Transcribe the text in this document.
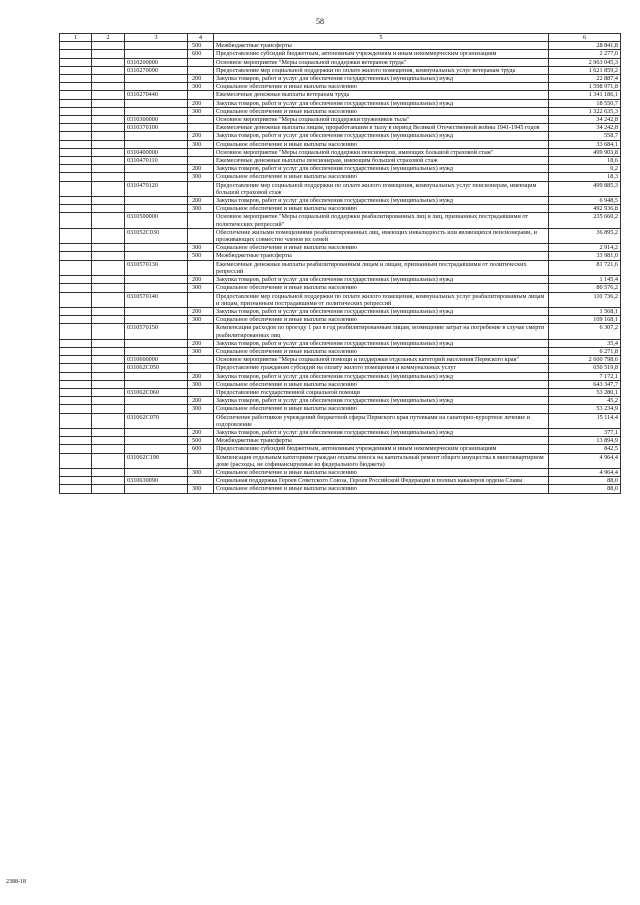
58
1	2	3	4	5	6
			500	Межбюджетные трансферты	28 841,8
			600	Предоставление субсидий бюджетным, автономным учреждениям и иным некоммерческим организациям	2 277,0
		0310200000		Основное мероприятие "Меры социальной поддержки ветеранов труда"	2 963 045,3
		0310270090		Предоставление мер социальной поддержки по оплате жилого помещения, коммунальных услуг ветеранам труда	1 621 859,2
			200	Закупка товаров, работ и услуг для обеспечения государственных (муниципальных) нужд	22 887,4
			300	Социальное обеспечение и иные выплаты населению	1 598 971,8
		0310270440		Ежемесячные денежные выплаты ветеранам труда	1 341 186,1
			200	Закупка товаров, работ и услуг для обеспечения государственных (муниципальных) нужд	18 550,7
			300	Социальное обеспечение и иные выплаты населению	1 322 635,3
		0310300000		Основное мероприятие "Меры социальной поддержки тружеников тыла"	34 242,8
		0310370100		Ежемесячные денежные выплаты лицам, проработавшим в тылу в период Великой Отечественной войны 1941-1945 годов	34 242,8
			200	Закупка товаров, работ и услуг для обеспечения государственных (муниципальных) нужд	558,7
			300	Социальное обеспечение и иные выплаты населению	33 684,1
		0310400000		Основное мероприятие "Меры социальной поддержки пенсионеров, имеющих большой страховой стаж"	499 903,8
		0310470110		Ежемесячные денежные выплаты пенсионерам, имеющим большой страховой стаж	18,6
			200	Закупка товаров, работ и услуг для обеспечения государственных (муниципальных) нужд	0,2
			300	Социальное обеспечение и иные выплаты населению	18,3
		0310470120		Предоставление мер социальной поддержки по оплате жилого помещения, коммунальных услуг пенсионерам, имеющим большой страховой стаж	499 885,3
			200	Закупка товаров, работ и услуг для обеспечения государственных (муниципальных) нужд	6 948,5
			300	Социальное обеспечение и иные выплаты населению	492 936,8
		0310500000		Основное мероприятие "Меры социальной поддержки реабилитированных лиц и лиц, признанных пострадавшими от политических репрессий"	235 660,2
		031052С030		Обеспечение жилыми помещениями реабилитированных лиц, имеющих инвалидность или являющихся пенсионерами, и проживающих совместно членов их семей	36 895,2
			300	Социальное обеспечение и иные выплаты населению	2 914,2
			500	Межбюджетные трансферты	33 981,0
		0310570130		Ежемесячные денежные выплаты реабилитированным лицам и лицам, признанным пострадавшими от политических репрессий	81 721,6
			200	Закупка товаров, работ и услуг для обеспечения государственных (муниципальных) нужд	1 145,4
			300	Социальное обеспечение и иные выплаты населению	80 576,2
		0310570140		Предоставление мер социальной поддержки по оплате жилого помещения, коммунальных услуг реабилитированным лицам и лицам, признанным пострадавшими от политических репрессий	110 736,2
			200	Закупка товаров, работ и услуг для обеспечения государственных (муниципальных) нужд	1 568,1
			300	Социальное обеспечение и иные выплаты населению	109 168,1
		0310570150		Компенсация расходов по проезду 1 раз в год реабилитированным лицам, возмещение затрат на погребение в случае смерти реабилитированных лиц	6 307,2
			200	Закупка товаров, работ и услуг для обеспечения государственных (муниципальных) нужд	35,4
			300	Социальное обеспечение и иные выплаты населению	6 271,8
		0310600000		Основное мероприятие "Меры социальной помощи и поддержки отдельных категорий населения Пермского края"	2 600 798,6
		031062С050		Предоставление гражданам субсидий на оплату жилого помещения и коммунальных услуг	650 519,8
			200	Закупка товаров, работ и услуг для обеспечения государственных (муниципальных) нужд	7 172,1
			300	Социальное обеспечение и иные выплаты населению	643 347,7
		031062С060		Предоставление государственной социальной помощи	53 280,1
			200	Закупка товаров, работ и услуг для обеспечения государственных (муниципальных) нужд	45,2
			300	Социальное обеспечение и иные выплаты населению	53 234,9
		031062С070		Обеспечение работников учреждений бюджетной сферы Пермского края путевками на санаторно-курортное лечение и оздоровление	15 114,4
			200	Закупка товаров, работ и услуг для обеспечения государственных (муниципальных) нужд	377,1
			500	Межбюджетные трансферты	13 894,9
			600	Предоставление субсидий бюджетным, автономным учреждениям и иным некоммерческим организациям	842,5
		031062С190		Компенсация отдельным категориям граждан оплаты взноса на капитальный ремонт общего имущества в многоквартирном доме (расходы, не софинансируемые из федерального бюджета)	4 964,4
			300	Социальное обеспечение и иные выплаты населению	4 964,4
		0310630090		Социальная поддержка Героев Советского Союза, Героев Российской Федерации и полных кавалеров ордена Славы	88,0
			300	Социальное обеспечение и иные выплаты населению	88,0
2388-18
